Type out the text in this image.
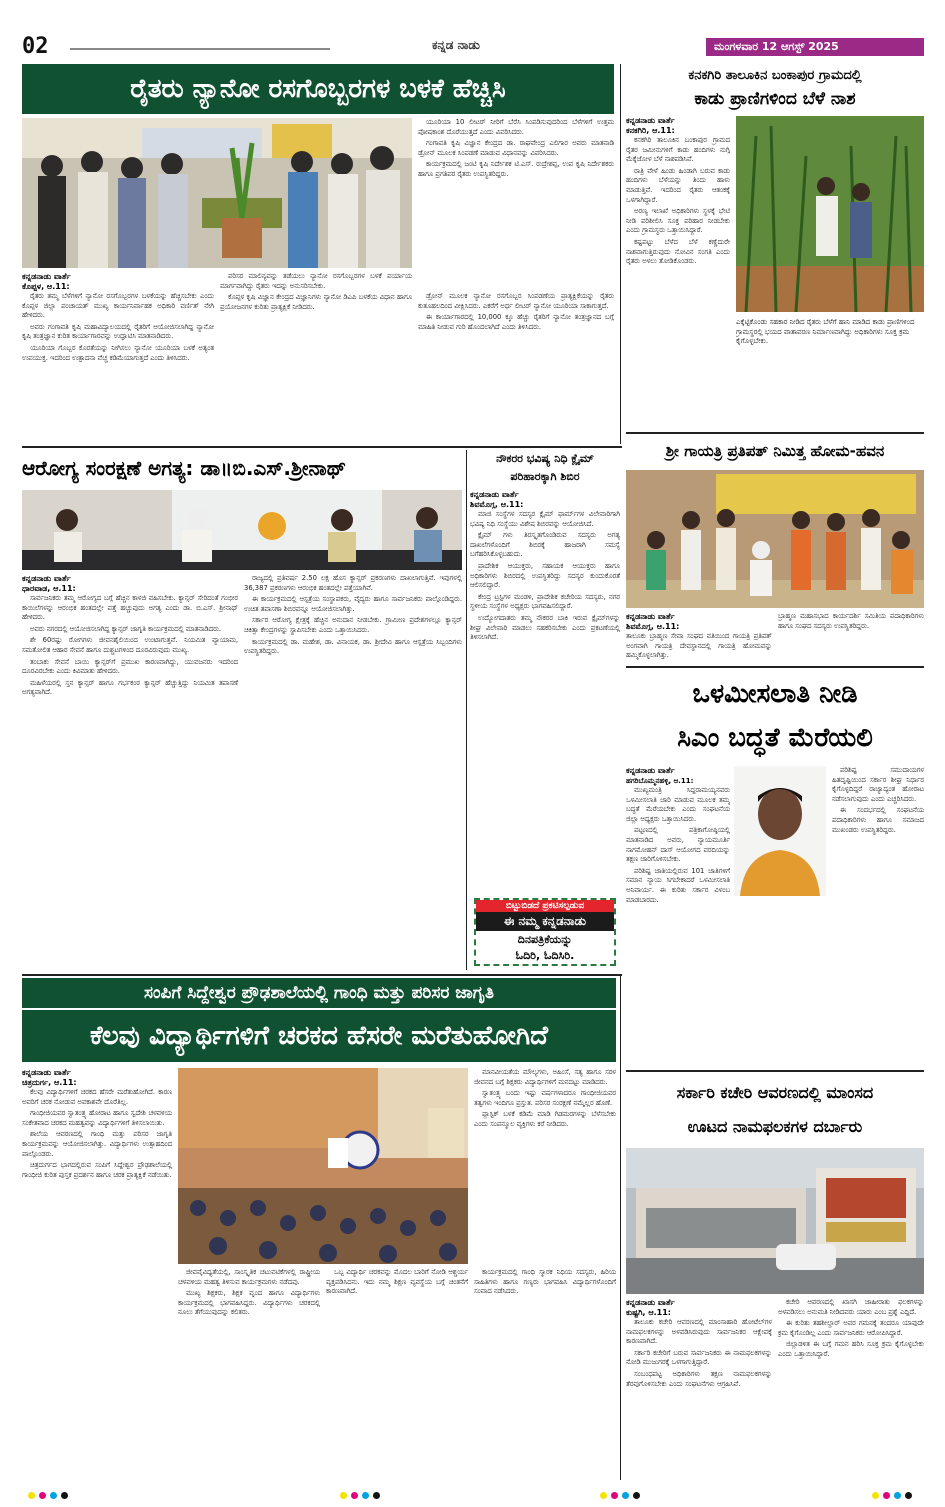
02	ಕನ್ನಡ ನಾಡು	ಮಂಗಳವಾರ 12 ಆಗಸ್ಟ್ 2025
ರೈತರು ನ್ಯಾನೋ ರಸಗೊಬ್ಬರಗಳ ಬಳಕೆ ಹೆಚ್ಚಿಸಿ
ಕನ್ನಡನಾಡು ವಾರ್ತೆ
ಕೊಪ್ಪಳ, ಆ.11:

ರೈತರು ತಮ್ಮ ಬೆಳೆಗಳಿಗೆ ನ್ಯಾನೋ ರಸಗೊಬ್ಬರಗಳ ಬಳಕೆಯನ್ನು ಹೆಚ್ಚಿಸಬೇಕು ಎಂದು ಕೊಪ್ಪಳ ಜಿಲ್ಲಾ ಪಂಚಾಯತ್ ಮುಖ್ಯ ಕಾರ್ಯನಿರ್ವಾಹಕ ಅಧಿಕಾರಿ ವರ್ಣಿತ್ ನೇಗಿ ಹೇಳಿದರು.

ಅವರು ಗಂಗಾವತಿ ಕೃಷಿ ಮಹಾವಿದ್ಯಾಲಯದಲ್ಲಿ ರೈತರಿಗೆ ಆಯೋಜಿಸಲಾಗಿದ್ದ ನ್ಯಾನೋ ಕೃಷಿ ತಂತ್ರಜ್ಞಾನ ಕುರಿತ ಕಾರ್ಯಾಗಾರವನ್ನು ಉದ್ಘಾಟಿಸಿ ಮಾತನಾಡಿದರು.

ಯೂರಿಯಾ ಗೊಬ್ಬರ ಕೊರತೆಯನ್ನು ನೀಗಿಸಲು ನ್ಯಾನೋ ಯೂರಿಯಾ ಬಳಕೆ ಅತ್ಯಂತ ಉಪಯುಕ್ತ. ಇದರಿಂದ ಉತ್ಪಾದನಾ ವೆಚ್ಚ ಕಡಿಮೆಯಾಗುತ್ತದೆ ಎಂದು ತಿಳಿಸಿದರು.

ಪರಿಸರ ಮಾಲಿನ್ಯವನ್ನು ತಡೆಯಲು ನ್ಯಾನೋ ರಸಗೊಬ್ಬರಗಳ ಬಳಕೆ ಪರ್ಯಾಯ ಮಾರ್ಗವಾಗಿದ್ದು ರೈತರು ಇದನ್ನು ಅನುಸರಿಸಬೇಕು.

ಕೊಪ್ಪಳ ಕೃಷಿ ವಿಜ್ಞಾನ ಕೇಂದ್ರದ ವಿಜ್ಞಾನಿಗಳು ನ್ಯಾನೋ ಡಿಎಪಿ ಬಳಕೆಯ ವಿಧಾನ ಹಾಗೂ ಪ್ರಯೋಜನಗಳ ಕುರಿತು ಪ್ರಾತ್ಯಕ್ಷಿಕೆ ನೀಡಿದರು.

ಯೂರಿಯಾ 10 ಲೀಟರ್ ನೀರಿಗೆ ಬೆರೆಸಿ ಸಿಂಪಡಿಸುವುದರಿಂದ ಬೆಳೆಗಳಿಗೆ ಉತ್ತಮ ಪೋಷಕಾಂಶ ದೊರೆಯುತ್ತದೆ ಎಂದು ವಿವರಿಸಿದರು.

ಗಂಗಾವತಿ ಕೃಷಿ ವಿಜ್ಞಾನ ಕೇಂದ್ರದ ಡಾ. ರಾಘವೇಂದ್ರ ಎಲಿಗಾರ ಅವರು ಮಾತನಾಡಿ ಡ್ರೋನ್ ಮೂಲಕ ಸಿಂಪಡಣೆ ಮಾಡುವ ವಿಧಾನವನ್ನು ವಿವರಿಸಿದರು.

ಕಾರ್ಯಕ್ರಮದಲ್ಲಿ ಜಂಟಿ ಕೃಷಿ ನಿರ್ದೇಶಕ ಟಿ.ಎಸ್. ರುದ್ರೇಶಪ್ಪ, ಉಪ ಕೃಷಿ ನಿರ್ದೇಶಕರು ಹಾಗೂ ಪ್ರಗತಿಪರ ರೈತರು ಉಪಸ್ಥಿತರಿದ್ದರು.

ಡ್ರೋನ್ ಮೂಲಕ ನ್ಯಾನೋ ರಸಗೊಬ್ಬರ ಸಿಂಪಡಣೆಯ ಪ್ರಾತ್ಯಕ್ಷಿಕೆಯನ್ನು ರೈತರು ಕುತೂಹಲದಿಂದ ವೀಕ್ಷಿಸಿದರು. ಎಕರೆಗೆ ಅರ್ಧ ಲೀಟರ್ ನ್ಯಾನೋ ಯೂರಿಯಾ ಸಾಕಾಗುತ್ತದೆ.

ಈ ಕಾರ್ಯಾಗಾರದಲ್ಲಿ 10,000 ಕ್ಕೂ ಹೆಚ್ಚು ರೈತರಿಗೆ ನ್ಯಾನೋ ತಂತ್ರಜ್ಞಾನದ ಬಗ್ಗೆ ಮಾಹಿತಿ ನೀಡುವ ಗುರಿ ಹೊಂದಲಾಗಿದೆ ಎಂದು ತಿಳಿಸಿದರು.

ಕನಕಗಿರಿ ತಾಲೂಕಿನ ಬಂಕಾಪುರ ಗ್ರಾಮದಲ್ಲಿ
ಕಾಡು ಪ್ರಾಣಿಗಳಿಂದ ಬೆಳೆ ನಾಶ
ಕನ್ನಡನಾಡು ವಾರ್ತೆ
ಕನಕಗಿರಿ, ಆ.11:

ಕನಕಗಿರಿ ತಾಲೂಕಿನ ಬಂಕಾಪುರ ಗ್ರಾಮದ ರೈತರ ಜಮೀನುಗಳಿಗೆ ಕಾಡು ಹಂದಿಗಳು ನುಗ್ಗಿ ಮೆಕ್ಕೆಜೋಳ ಬೆಳೆ ನಾಶಪಡಿಸಿವೆ.

ರಾತ್ರಿ ವೇಳೆ ಹಿಂಡು ಹಿಂಡಾಗಿ ಬರುವ ಕಾಡು ಹಂದಿಗಳು ಬೆಳೆಯನ್ನು ತಿಂದು ಹಾಳು ಮಾಡುತ್ತಿವೆ. ಇದರಿಂದ ರೈತರು ಆತಂಕಕ್ಕೆ ಒಳಗಾಗಿದ್ದಾರೆ.

ಅರಣ್ಯ ಇಲಾಖೆ ಅಧಿಕಾರಿಗಳು ಸ್ಥಳಕ್ಕೆ ಭೇಟಿ ನೀಡಿ ಪರಿಶೀಲಿಸಿ ಸೂಕ್ತ ಪರಿಹಾರ ನೀಡಬೇಕು ಎಂದು ಗ್ರಾಮಸ್ಥರು ಒತ್ತಾಯಿಸಿದ್ದಾರೆ.

ಕಷ್ಟಪಟ್ಟು ಬೆಳೆದ ಬೆಳೆ ಕಣ್ಣೆದುರೇ ನಾಶವಾಗುತ್ತಿರುವುದು ನೋವಿನ ಸಂಗತಿ ಎಂದು ರೈತರು ಅಳಲು ತೋಡಿಕೊಂಡರು.

ಎಕ್ಕೆಟ್ಟಿಕೊಂಡು ಸಹಕಾರ ನೀಡಿದ ರೈತರು ಬೆಳೆಗೆ ಹಾನಿ ಮಾಡಿದ ಕಾಡು ಪ್ರಾಣಿಗಳಿಂದ ಗ್ರಾಮಸ್ಥರಲ್ಲಿ ಭಯದ ವಾತಾವರಣ ನಿರ್ಮಾಣವಾಗಿದ್ದು ಅಧಿಕಾರಿಗಳು ಸೂಕ್ತ ಕ್ರಮ ಕೈಗೊಳ್ಳಬೇಕು.
ಶ್ರೀ ಗಾಯತ್ರಿ ಪ್ರತಿಪತ್ ನಿಮಿತ್ತ ಹೋಮ-ಹವನ
ಕನ್ನಡನಾಡು ವಾರ್ತೆ
ಶಿವಮೊಗ್ಗ, ಆ.11:
ತಾಲೂಕು ಬ್ರಾಹ್ಮಣ ಸೇವಾ ಸಂಘದ ವತಿಯಿಂದ ಗಾಯತ್ರಿ ಪ್ರತಿಪತ್ ಅಂಗವಾಗಿ ಗಾಯತ್ರಿ ದೇವಸ್ಥಾನದಲ್ಲಿ ಗಾಯತ್ರಿ ಹೋಮವನ್ನು ಹಮ್ಮಿಕೊಳ್ಳಲಾಗಿತ್ತು.
ಬ್ರಾಹ್ಮಣ ಮಹಾಸಭಾದ ಕಾರ್ಯದರ್ಶಿ ಸಮಿತಿಯ ಪದಾಧಿಕಾರಿಗಳು ಹಾಗೂ ಸಂಘದ ಸದಸ್ಯರು ಉಪಸ್ಥಿತರಿದ್ದರು.
ಆರೋಗ್ಯ ಸಂರಕ್ಷಣೆ ಅಗತ್ಯ: ಡಾ॥ಬಿ.ಎಸ್.ಶ್ರೀನಾಥ್
ಕನ್ನಡನಾಡು ವಾರ್ತೆ
ಧಾರವಾಡ, ಆ.11:

ಸಾರ್ವಜನಿಕರು ತಮ್ಮ ಆರೋಗ್ಯದ ಬಗ್ಗೆ ಹೆಚ್ಚಿನ ಕಾಳಜಿ ವಹಿಸಬೇಕು. ಕ್ಯಾನ್ಸರ್ ಸೇರಿದಂತೆ ಗಂಭೀರ ಕಾಯಿಲೆಗಳನ್ನು ಆರಂಭಿಕ ಹಂತದಲ್ಲೇ ಪತ್ತೆ ಹಚ್ಚುವುದು ಅಗತ್ಯ ಎಂದು ಡಾ. ಬಿ.ಎಸ್. ಶ್ರೀನಾಥ್ ಹೇಳಿದರು.

ಅವರು ನಗರದಲ್ಲಿ ಆಯೋಜಿಸಲಾಗಿದ್ದ ಕ್ಯಾನ್ಸರ್ ಜಾಗೃತಿ ಕಾರ್ಯಕ್ರಮದಲ್ಲಿ ಮಾತನಾಡಿದರು.

ಶೇ 60ರಷ್ಟು ರೋಗಗಳು ಜೀವನಶೈಲಿಯಿಂದ ಉಂಟಾಗುತ್ತವೆ. ನಿಯಮಿತ ವ್ಯಾಯಾಮ, ಸಮತೋಲಿತ ಆಹಾರ ಸೇವನೆ ಹಾಗೂ ದುಶ್ಚಟಗಳಿಂದ ದೂರವಿರುವುದು ಮುಖ್ಯ.

ತಂಬಾಕು ಸೇವನೆ ಬಾಯಿ ಕ್ಯಾನ್ಸರ್‌ಗೆ ಪ್ರಮುಖ ಕಾರಣವಾಗಿದ್ದು, ಯುವಜನರು ಇದರಿಂದ ದೂರವಿರಬೇಕು ಎಂದು ಕಿವಿಮಾತು ಹೇಳಿದರು.

ಮಹಿಳೆಯರಲ್ಲಿ ಸ್ತನ ಕ್ಯಾನ್ಸರ್ ಹಾಗೂ ಗರ್ಭಕಂಠ ಕ್ಯಾನ್ಸರ್ ಹೆಚ್ಚುತ್ತಿದ್ದು ನಿಯಮಿತ ತಪಾಸಣೆ ಅಗತ್ಯವಾಗಿದೆ.

ರಾಜ್ಯದಲ್ಲಿ ಪ್ರತಿವರ್ಷ 2.50 ಲಕ್ಷ ಹೊಸ ಕ್ಯಾನ್ಸರ್ ಪ್ರಕರಣಗಳು ದಾಖಲಾಗುತ್ತಿವೆ. ಇವುಗಳಲ್ಲಿ 36,387 ಪ್ರಕರಣಗಳು ಆರಂಭಿಕ ಹಂತದಲ್ಲೇ ಪತ್ತೆಯಾಗಿವೆ.

ಈ ಕಾರ್ಯಕ್ರಮದಲ್ಲಿ ಆಸ್ಪತ್ರೆಯ ಸಂಸ್ಥಾಪಕರು, ವೈದ್ಯರು ಹಾಗೂ ಸಾರ್ವಜನಿಕರು ಪಾಲ್ಗೊಂಡಿದ್ದರು. ಉಚಿತ ತಪಾಸಣಾ ಶಿಬಿರವನ್ನೂ ಆಯೋಜಿಸಲಾಗಿತ್ತು.

ಸರ್ಕಾರ ಆರೋಗ್ಯ ಕ್ಷೇತ್ರಕ್ಕೆ ಹೆಚ್ಚಿನ ಅನುದಾನ ನೀಡಬೇಕು. ಗ್ರಾಮೀಣ ಪ್ರದೇಶಗಳಲ್ಲೂ ಕ್ಯಾನ್ಸರ್ ಚಿಕಿತ್ಸಾ ಕೇಂದ್ರಗಳನ್ನು ಸ್ಥಾಪಿಸಬೇಕು ಎಂದು ಒತ್ತಾಯಿಸಿದರು.

ಕಾರ್ಯಕ್ರಮದಲ್ಲಿ ಡಾ. ಮಹೇಶ, ಡಾ. ವಿನಾಯಕ, ಡಾ. ಶ್ರೀದೇವಿ ಹಾಗೂ ಆಸ್ಪತ್ರೆಯ ಸಿಬ್ಬಂದಿಗಳು ಉಪಸ್ಥಿತರಿದ್ದರು.

ನೌಕರರ ಭವಿಷ್ಯ ನಿಧಿ ಕ್ಲೈಮ್
ಪರಿಹಾರಕ್ಕಾಗಿ ಶಿಬಿರ
ಕನ್ನಡನಾಡು ವಾರ್ತೆ
ಶಿವಮೊಗ್ಗ, ಆ.11:

ಮಾಜಿ ಸಂಸ್ಥೆಗಳ ಸದಸ್ಯರ ಕ್ಲೈಮ್ ಫಾರ್ಮ್‌ಗಳ ವಿಲೇವಾರಿಗಾಗಿ ಭವಿಷ್ಯ ನಿಧಿ ಸಂಸ್ಥೆಯು ವಿಶೇಷ ಶಿಬಿರವನ್ನು ಆಯೋಜಿಸಿದೆ.

ಕ್ಲೈಮ್ ಗಳು ತಿರಸ್ಕೃತಗೊಂಡಿರುವ ಸದಸ್ಯರು ಅಗತ್ಯ ದಾಖಲೆಗಳೊಂದಿಗೆ ಶಿಬಿರಕ್ಕೆ ಹಾಜರಾಗಿ ಸಮಸ್ಯೆ ಬಗೆಹರಿಸಿಕೊಳ್ಳಬಹುದು.

ಪ್ರಾದೇಶಿಕ ಆಯುಕ್ತರು, ಸಹಾಯಕ ಆಯುಕ್ತರು ಹಾಗೂ ಅಧಿಕಾರಿಗಳು ಶಿಬಿರದಲ್ಲಿ ಉಪಸ್ಥಿತರಿದ್ದು ಸದಸ್ಯರ ಕುಂದುಕೊರತೆ ಆಲಿಸಲಿದ್ದಾರೆ.

ಕೇಂದ್ರ ಟ್ರಸ್ಟಿಗಳ ಮಂಡಳಿ, ಪ್ರಾದೇಶಿಕ ಕಚೇರಿಯ ಸದಸ್ಯರು, ನಗರ ಸ್ಥಳೀಯ ಸಂಸ್ಥೆಗಳ ಅಧ್ಯಕ್ಷರು ಭಾಗವಹಿಸಲಿದ್ದಾರೆ.

ಉದ್ಯೋಗದಾತರು ತಮ್ಮ ನೌಕರರ ಬಾಕಿ ಇರುವ ಕ್ಲೈಮ್‌ಗಳನ್ನು ಶೀಘ್ರ ವಿಲೇವಾರಿ ಮಾಡಲು ಸಹಕರಿಸಬೇಕು ಎಂದು ಪ್ರಕಟಣೆಯಲ್ಲಿ ತಿಳಿಸಲಾಗಿದೆ.

ಬಿಟ್ಟುಬಿಡದೆ ಪ್ರಕಟಿಸಲ್ಪಡುವ
ಈ ನಮ್ಮ ಕನ್ನಡನಾಡು
ದಿನಪತ್ರಿಕೆಯನ್ನು
ಓದಿರಿ, ಓದಿಸಿರಿ.
ಒಳಮೀಸಲಾತಿ ನೀಡಿ
ಸಿಎಂ ಬದ್ಧತೆ ಮೆರೆಯಲಿ
ಕನ್ನಡನಾಡು ವಾರ್ತೆ
ಹಗರಿಬೊಮ್ಮನಹಳ್ಳಿ, ಆ.11:

ಮುಖ್ಯಮಂತ್ರಿ ಸಿದ್ದರಾಮಯ್ಯನವರು ಒಳಮೀಸಲಾತಿ ಜಾರಿ ಮಾಡುವ ಮೂಲಕ ತಮ್ಮ ಬದ್ಧತೆ ಮೆರೆಯಬೇಕು ಎಂದು ಸಂಘಟನೆಯ ಜಿಲ್ಲಾ ಅಧ್ಯಕ್ಷರು ಒತ್ತಾಯಿಸಿದರು.

ಪಟ್ಟಣದಲ್ಲಿ ಪತ್ರಿಕಾಗೋಷ್ಠಿಯಲ್ಲಿ ಮಾತನಾಡಿದ ಅವರು, ನ್ಯಾಯಮೂರ್ತಿ ನಾಗಮೋಹನ್ ದಾಸ್ ಆಯೋಗದ ವರದಿಯನ್ನು ತಕ್ಷಣ ಜಾರಿಗೊಳಿಸಬೇಕು.

ಪರಿಶಿಷ್ಟ ಜಾತಿಯಲ್ಲಿರುವ 101 ಜಾತಿಗಳಿಗೆ ಸಮಾನ ನ್ಯಾಯ ಸಿಗಬೇಕಾದರೆ ಒಳಮೀಸಲಾತಿ ಅನಿವಾರ್ಯ. ಈ ಕುರಿತು ಸರ್ಕಾರ ವಿಳಂಬ ಮಾಡಬಾರದು.

ಪರಿಶಿಷ್ಟ ಸಮುದಾಯಗಳ ಹಿತದೃಷ್ಟಿಯಿಂದ ಸರ್ಕಾರ ಶೀಘ್ರ ನಿರ್ಧಾರ ಕೈಗೊಳ್ಳದಿದ್ದರೆ ರಾಜ್ಯಾದ್ಯಂತ ಹೋರಾಟ ನಡೆಸಲಾಗುವುದು ಎಂದು ಎಚ್ಚರಿಸಿದರು.

ಈ ಸಂದರ್ಭದಲ್ಲಿ ಸಂಘಟನೆಯ ಪದಾಧಿಕಾರಿಗಳು ಹಾಗೂ ಸಮಾಜದ ಮುಖಂಡರು ಉಪಸ್ಥಿತರಿದ್ದರು.

ಸಂಪಿಗೆ ಸಿದ್ದೇಶ್ವರ ಪ್ರೌಢಶಾಲೆಯಲ್ಲಿ ಗಾಂಧಿ ಮತ್ತು ಪರಿಸರ ಜಾಗೃತಿ
ಕೆಲವು ವಿದ್ಯಾರ್ಥಿಗಳಿಗೆ ಚರಕದ ಹೆಸರೇ ಮರೆತುಹೋಗಿದೆ
ಕನ್ನಡನಾಡು ವಾರ್ತೆ
ಚಿತ್ರದುರ್ಗ, ಆ.11:

ಕೆಲವು ವಿದ್ಯಾರ್ಥಿಗಳಿಗೆ ಚರಕದ ಹೆಸರೇ ಮರೆತುಹೋಗಿದೆ. ಕಾರಣ ಅವರಿಗೆ ಚರಕ ನೋಡುವ ಅವಕಾಶವೇ ದೊರೆತಿಲ್ಲ.

ಗಾಂಧೀಜಿಯವರ ಸ್ವಾತಂತ್ರ್ಯ ಹೋರಾಟ ಹಾಗೂ ಸ್ವದೇಶಿ ಚಳವಳಿಯ ಸಂಕೇತವಾದ ಚರಕದ ಮಹತ್ವವನ್ನು ವಿದ್ಯಾರ್ಥಿಗಳಿಗೆ ತಿಳಿಸಲಾಯಿತು.

ಶಾಲೆಯ ಆವರಣದಲ್ಲಿ ಗಾಂಧಿ ಮತ್ತು ಪರಿಸರ ಜಾಗೃತಿ ಕಾರ್ಯಕ್ರಮವನ್ನು ಆಯೋಜಿಸಲಾಗಿತ್ತು. ವಿದ್ಯಾರ್ಥಿಗಳು ಉತ್ಸಾಹದಿಂದ ಪಾಲ್ಗೊಂಡರು.

ಚಿತ್ರದುರ್ಗದ ಭಾಗದಲ್ಲಿರುವ ಸಂಪಿಗೆ ಸಿದ್ದೇಶ್ವರ ಪ್ರೌಢಶಾಲೆಯಲ್ಲಿ ಗಾಂಧೀಜಿ ಕುರಿತ ಪುಸ್ತಕ ಪ್ರದರ್ಶನ ಹಾಗೂ ಚರಕ ಪ್ರಾತ್ಯಕ್ಷಿಕೆ ನಡೆಯಿತು.

ಮಾನವೀಯತೆಯ ಮೌಲ್ಯಗಳು, ಅಹಿಂಸೆ, ಸತ್ಯ ಹಾಗೂ ಸರಳ ಜೀವನದ ಬಗ್ಗೆ ಶಿಕ್ಷಕರು ವಿದ್ಯಾರ್ಥಿಗಳಿಗೆ ಮನದಟ್ಟು ಮಾಡಿದರು.

ಸ್ವಾತಂತ್ರ್ಯ ಬಂದು ಇಷ್ಟು ವರ್ಷಗಳಾದರೂ ಗಾಂಧೀಜಿಯವರ ತತ್ವಗಳು ಇಂದಿಗೂ ಪ್ರಸ್ತುತ. ಪರಿಸರ ಸಂರಕ್ಷಣೆ ನಮ್ಮೆಲ್ಲರ ಹೊಣೆ.

ಪ್ಲಾಸ್ಟಿಕ್ ಬಳಕೆ ಕಡಿಮೆ ಮಾಡಿ ಗಿಡಮರಗಳನ್ನು ಬೆಳೆಸಬೇಕು ಎಂದು ಸಂಪನ್ಮೂಲ ವ್ಯಕ್ತಿಗಳು ಕರೆ ನೀಡಿದರು.

ಜೀವವೈವಿಧ್ಯತೆಯಲ್ಲಿ, ಸಾಂಸ್ಕೃತಿಕ ಚಟುವಟಿಕೆಗಳಲ್ಲಿ ರಾಷ್ಟ್ರೀಯ ಚಳವಳಿಯ ಮಹತ್ವ ತಿಳಿಸುವ ಕಾರ್ಯಕ್ರಮಗಳು ನಡೆದವು.

ಮುಖ್ಯ ಶಿಕ್ಷಕರು, ಶಿಕ್ಷಕ ವೃಂದ ಹಾಗೂ ವಿದ್ಯಾರ್ಥಿಗಳು ಕಾರ್ಯಕ್ರಮದಲ್ಲಿ ಭಾಗವಹಿಸಿದ್ದರು. ವಿದ್ಯಾರ್ಥಿಗಳು ಚರಕದಲ್ಲಿ ನೂಲು ತೆಗೆಯುವುದನ್ನು ಕಲಿತರು.

ಒಬ್ಬ ವಿದ್ಯಾರ್ಥಿ ಚರಕವನ್ನು ಮೊದಲ ಬಾರಿಗೆ ನೋಡಿ ಆಶ್ಚರ್ಯ ವ್ಯಕ್ತಪಡಿಸಿದನು. ಇದು ನಮ್ಮ ಶಿಕ್ಷಣ ವ್ಯವಸ್ಥೆಯ ಬಗ್ಗೆ ಚಿಂತನೆಗೆ ಕಾರಣವಾಗಿದೆ.

ಕಾರ್ಯಕ್ರಮದಲ್ಲಿ ಗಾಂಧಿ ಸ್ಮಾರಕ ನಿಧಿಯ ಸದಸ್ಯರು, ಹಿರಿಯ ಸಾಹಿತಿಗಳು ಹಾಗೂ ಗಣ್ಯರು ಭಾಗವಹಿಸಿ ವಿದ್ಯಾರ್ಥಿಗಳೊಂದಿಗೆ ಸಂವಾದ ನಡೆಸಿದರು.

ಸರ್ಕಾರಿ ಕಚೇರಿ ಆವರಣದಲ್ಲಿ ಮಾಂಸದ
ಊಟದ ನಾಮಫಲಕಗಳ ದರ್ಬಾರು
ಕನ್ನಡನಾಡು ವಾರ್ತೆ
ಕುಷ್ಟಗಿ, ಆ.11:

ತಾಲೂಕು ಕಚೇರಿ ಆವರಣದಲ್ಲಿ ಮಾಂಸಾಹಾರಿ ಹೋಟೆಲ್‌ಗಳ ನಾಮಫಲಕಗಳನ್ನು ಅಳವಡಿಸಿರುವುದು ಸಾರ್ವಜನಿಕರ ಆಕ್ಷೇಪಕ್ಕೆ ಕಾರಣವಾಗಿದೆ.

ಸರ್ಕಾರಿ ಕಚೇರಿಗೆ ಬರುವ ಸಾರ್ವಜನಿಕರು ಈ ನಾಮಫಲಕಗಳನ್ನು ನೋಡಿ ಮುಜುಗರಕ್ಕೆ ಒಳಗಾಗುತ್ತಿದ್ದಾರೆ.

ಸಂಬಂಧಪಟ್ಟ ಅಧಿಕಾರಿಗಳು ತಕ್ಷಣ ನಾಮಫಲಕಗಳನ್ನು ತೆರವುಗೊಳಿಸಬೇಕು ಎಂದು ಸಂಘಟನೆಗಳು ಆಗ್ರಹಿಸಿವೆ.

ಕಚೇರಿ ಆವರಣದಲ್ಲಿ ಖಾಸಗಿ ಜಾಹೀರಾತು ಫಲಕಗಳನ್ನು ಅಳವಡಿಸಲು ಅನುಮತಿ ನೀಡಿದವರು ಯಾರು ಎಂಬ ಪ್ರಶ್ನೆ ಎದ್ದಿದೆ.

ಈ ಕುರಿತು ತಹಶೀಲ್ದಾರ್ ಅವರ ಗಮನಕ್ಕೆ ತಂದರೂ ಯಾವುದೇ ಕ್ರಮ ಕೈಗೊಂಡಿಲ್ಲ ಎಂದು ಸಾರ್ವಜನಿಕರು ಆರೋಪಿಸಿದ್ದಾರೆ.

ಜಿಲ್ಲಾಡಳಿತ ಈ ಬಗ್ಗೆ ಗಮನ ಹರಿಸಿ ಸೂಕ್ತ ಕ್ರಮ ಕೈಗೊಳ್ಳಬೇಕು ಎಂದು ಒತ್ತಾಯಿಸಿದ್ದಾರೆ.
